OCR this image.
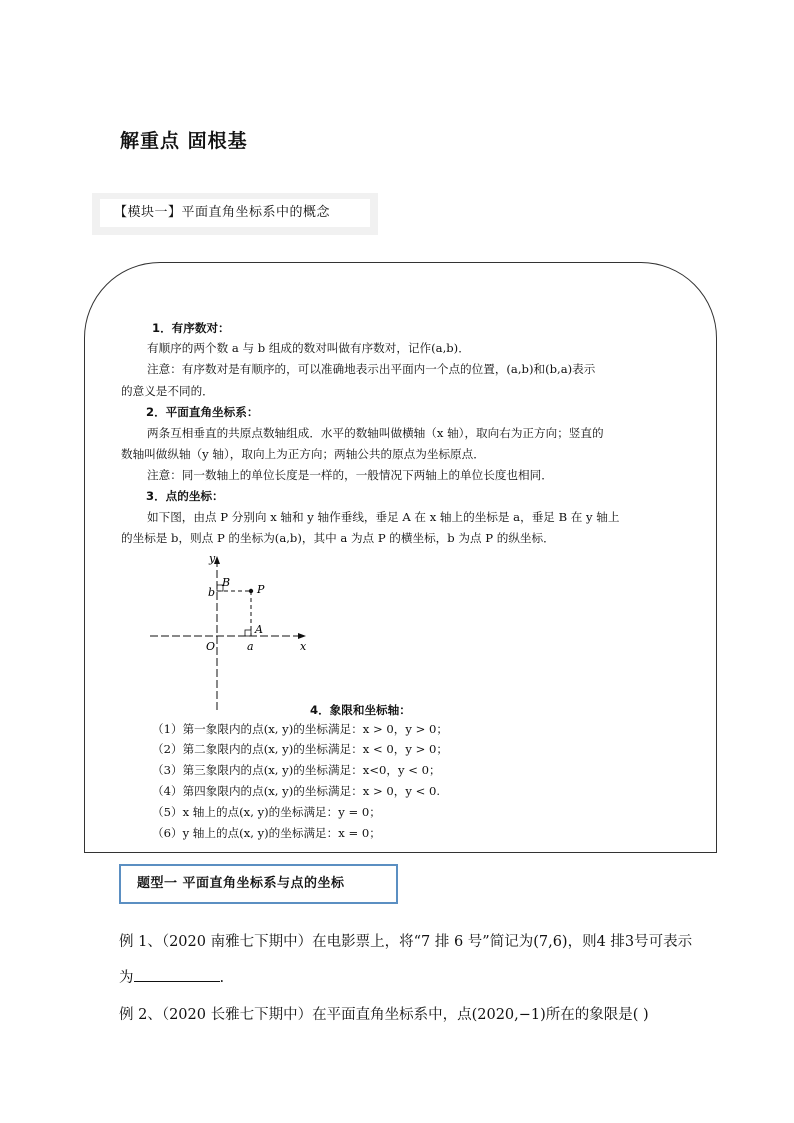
解重点 固根基
【模块一】平面直角坐标系中的概念
1．有序数对：
有顺序的两个数 a 与 b 组成的数对叫做有序数对，记作(a,b)．
注意：有序数对是有顺序的，可以准确地表示出平面内一个点的位置，(a,b)和(b,a)表示
的意义是不同的．
2．平面直角坐标系：
两条互相垂直的共原点数轴组成．水平的数轴叫做横轴（x 轴），取向右为正方向；竖直的
数轴叫做纵轴（y 轴），取向上为正方向；两轴公共的原点为坐标原点．
注意：同一数轴上的单位长度是一样的，一般情况下两轴上的单位长度也相同．
3．点的坐标：
如下图，由点 P 分别向 x 轴和 y 轴作垂线，垂足 A 在 x 轴上的坐标是 a，垂足 B 在 y 轴上
的坐标是 b，则点 P 的坐标为(a,b)，其中 a 为点 P 的横坐标，b 为点 P 的纵坐标．
y
x
O	a
b
A
B
P
4．象限和坐标轴：
（1）第一象限内的点(x, y)的坐标满足：x > 0，y > 0；
（2）第二象限内的点(x, y)的坐标满足：x < 0，y > 0；
（3）第三象限内的点(x, y)的坐标满足：x<0，y < 0；
（4）第四象限内的点(x, y)的坐标满足：x > 0，y < 0.
（5）x 轴上的点(x, y)的坐标满足：y = 0；
（6）y 轴上的点(x, y)的坐标满足：x = 0；
题型一 平面直角坐标系与点的坐标
例 1、（2020 南雅七下期中）在电影票上，将“7 排 6 号”简记为(7,6)，则4 排3号可表示
为	.
例 2、（2020 长雅七下期中）在平面直角坐标系中，点(2020,−1)所在的象限是( )
